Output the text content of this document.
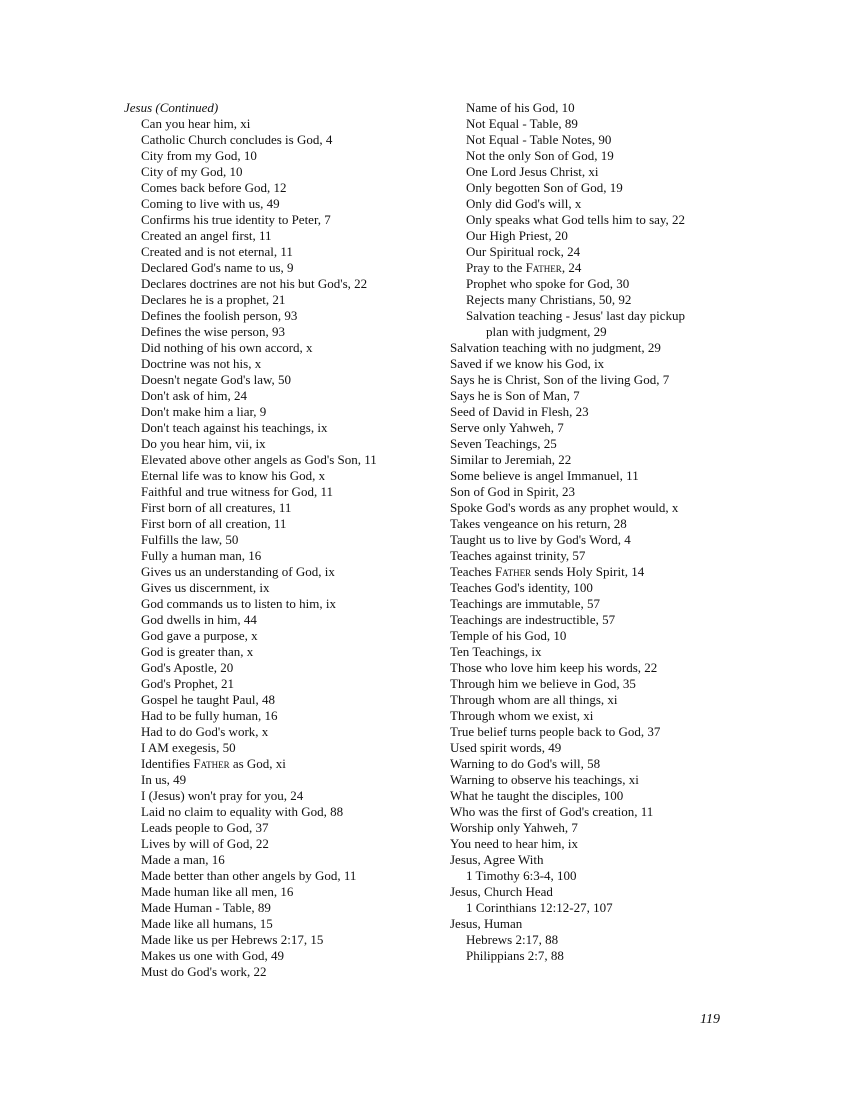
Jesus (Continued)

Can you hear him, xi
Catholic Church concludes is God, 4
City from my God, 10
City of my God, 10
Comes back before God, 12
Coming to live with us, 49
Confirms his true identity to Peter, 7
Created an angel first, 11
Created and is not eternal, 11
Declared God's name to us, 9
Declares doctrines are not his but God's, 22
Declares he is a prophet, 21
Defines the foolish person, 93
Defines the wise person, 93
Did nothing of his own accord, x
Doctrine was not his, x
Doesn't negate God's law, 50
Don't ask of him, 24
Don't make him a liar, 9
Don't teach against his teachings, ix
Do you hear him, vii, ix
Elevated above other angels as God's Son, 11
Eternal life was to know his God, x
Faithful and true witness for God, 11
First born of all creatures, 11
First born of all creation, 11
Fulfills the law, 50
Fully a human man, 16
Gives us an understanding of God, ix
Gives us discernment, ix
God commands us to listen to him, ix
God dwells in him, 44
God gave a purpose, x
God is greater than, x
God's Apostle, 20
God's Prophet, 21
Gospel he taught Paul, 48
Had to be fully human, 16
Had to do God's work, x
I AM exegesis, 50
Identifies Father as God, xi
In us, 49
I (Jesus) won't pray for you, 24
Laid no claim to equality with God, 88
Leads people to God, 37
Lives by will of God, 22
Made a man, 16
Made better than other angels by God, 11
Made human like all men, 16
Made Human - Table, 89
Made like all humans, 15
Made like us per Hebrews 2:17, 15
Makes us one with God, 49
Must do God's work, 22
Name of his God, 10
Not Equal - Table, 89
Not Equal - Table Notes, 90
Not the only Son of God, 19
One Lord Jesus Christ, xi
Only begotten Son of God, 19
Only did God's will, x
Only speaks what God tells him to say, 22
Our High Priest, 20
Our Spiritual rock, 24
Pray to the Father, 24
Prophet who spoke for God, 30
Rejects many Christians, 50, 92
Salvation teaching - Jesus' last day pickup
plan with judgment, 29
Salvation teaching with no judgment, 29
Saved if we know his God, ix
Says he is Christ, Son of the living God, 7
Says he is Son of Man, 7
Seed of David in Flesh, 23
Serve only Yahweh, 7
Seven Teachings, 25
Similar to Jeremiah, 22
Some believe is angel Immanuel, 11
Son of God in Spirit, 23
Spoke God's words as any prophet would, x
Takes vengeance on his return, 28
Taught us to live by God's Word, 4
Teaches against trinity, 57
Teaches Father sends Holy Spirit, 14
Teaches God's identity, 100
Teachings are immutable, 57
Teachings are indestructible, 57
Temple of his God, 10
Ten Teachings, ix
Those who love him keep his words, 22
Through him we believe in God, 35
Through whom are all things, xi
Through whom we exist, xi
True belief turns people back to God, 37
Used spirit words, 49
Warning to do God's will, 58
Warning to observe his teachings, xi
What he taught the disciples, 100
Who was the first of God's creation, 11
Worship only Yahweh, 7
You need to hear him, ix

Jesus, Agree With

1 Timothy 6:3-4, 100

Jesus, Church Head

1 Corinthians 12:12-27, 107

Jesus, Human

Hebrews 2:17, 88
Philippians 2:7, 88
119
